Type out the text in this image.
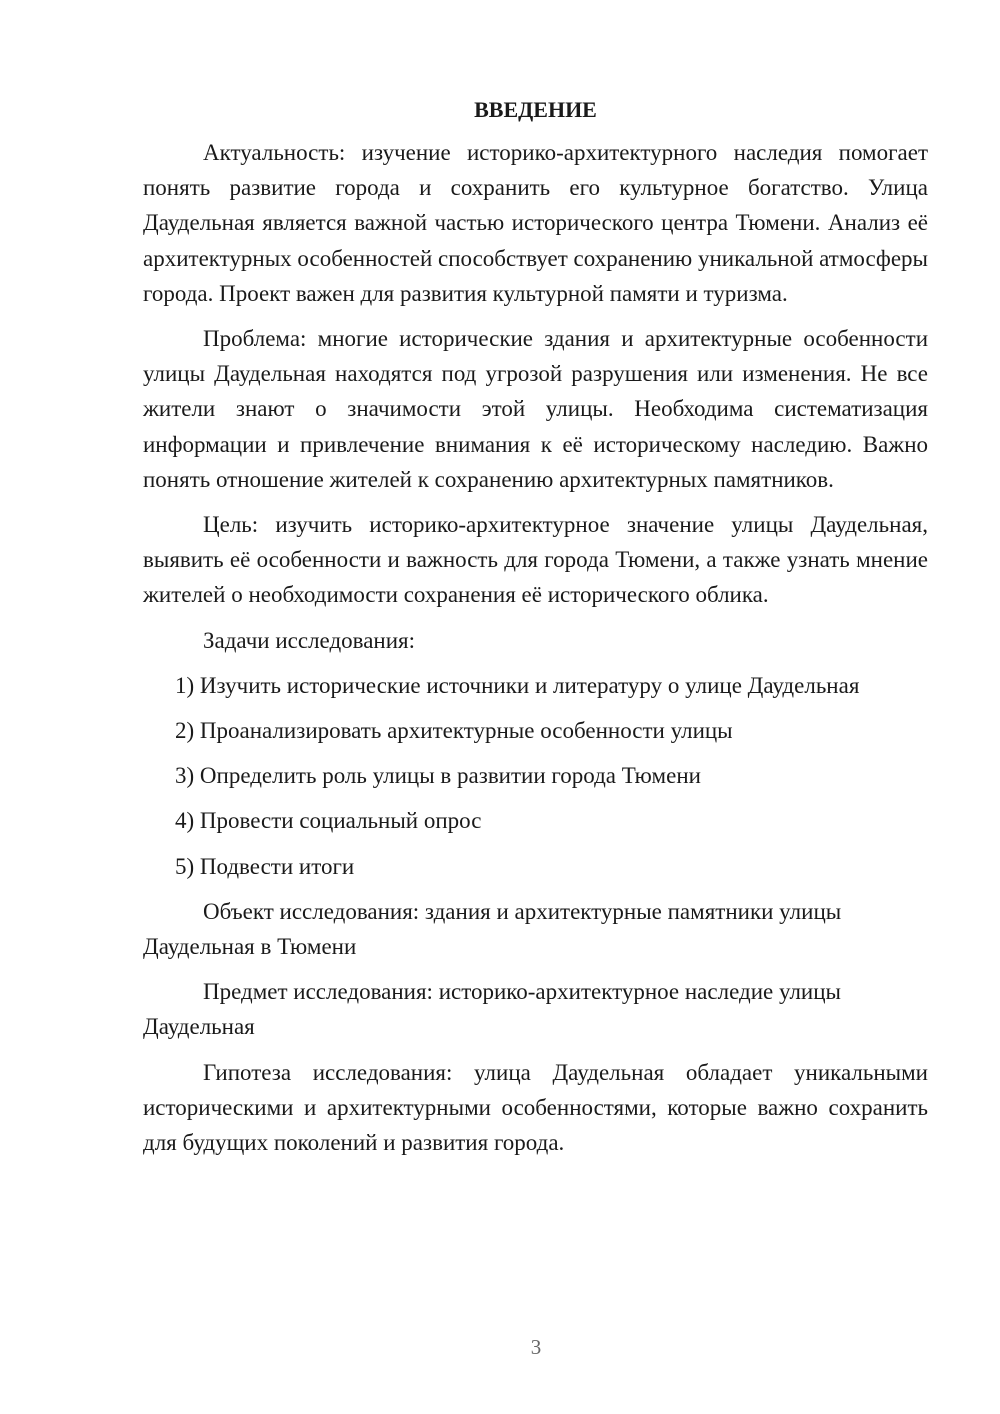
ВВЕДЕНИЕ

Актуальность: изучение историко-архитектурного наследия помогает понять развитие города и сохранить его культурное богатство. Улица Даудельная является важной частью исторического центра Тюмени. Анализ её архитектурных особенностей способствует сохранению уникальной атмосферы города. Проект важен для развития культурной памяти и туризма.

Проблема: многие исторические здания и архитектурные особенности улицы Даудельная находятся под угрозой разрушения или изменения. Не все жители знают о значимости этой улицы. Необходима систематизация информации и привлечение внимания к её историческому наследию. Важно понять отношение жителей к сохранению архитектурных памятников.

Цель: изучить историко-архитектурное значение улицы Даудельная, выявить её особенности и важность для города Тюмени, а также узнать мнение жителей о необходимости сохранения её исторического облика.

Задачи исследования:

1) Изучить исторические источники и литературу о улице Даудельная

2) Проанализировать архитектурные особенности улицы

3) Определить роль улицы в развитии города Тюмени

4) Провести социальный опрос

5) Подвести итоги

Объект исследования: здания и архитектурные памятники улицы Даудельная в Тюмени

Предмет исследования: историко-архитектурное наследие улицы Даудельная

Гипотеза исследования: улица Даудельная обладает уникальными историческими и архитектурными особенностями, которые важно сохранить для будущих поколений и развития города.

3
